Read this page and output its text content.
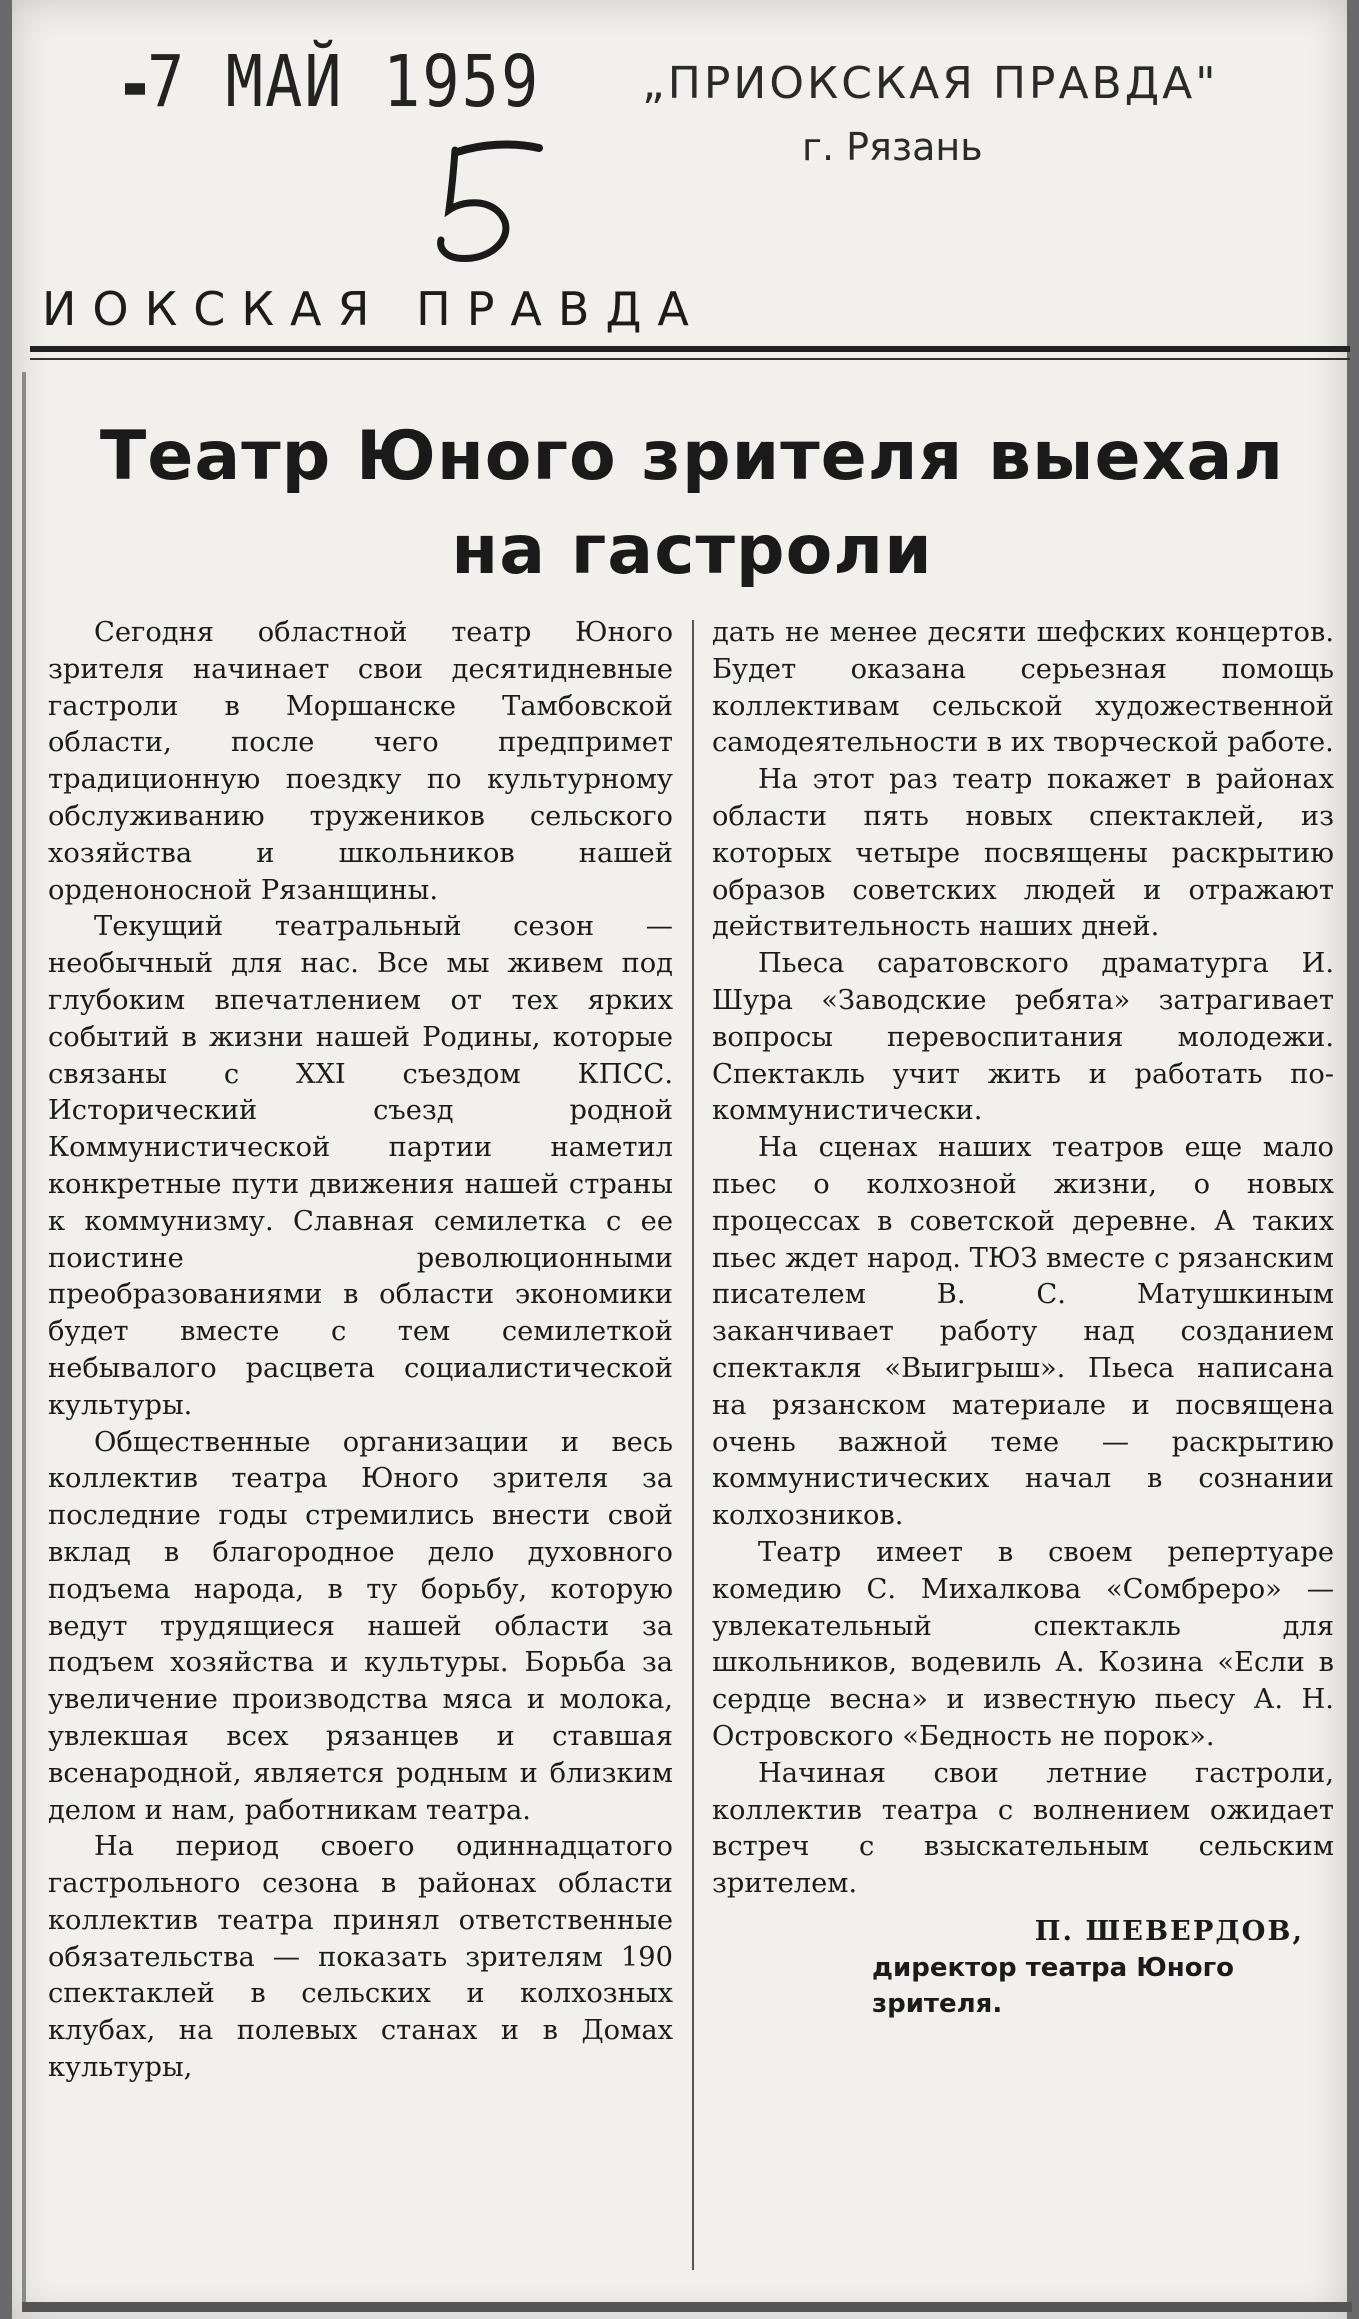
7 МАЙ 1959 „ПРИОКСКАЯ ПРАВДА"
г. Рязань
ИОКСКАЯ ПРАВДА
Театр Юного зрителя выехал
на гастроли

Сегодня областной театр Юного зрителя начинает свои десятидневные гастроли в Моршанске Тамбовской области, после чего предпримет традиционную поездку по культурному обслуживанию тружеников сельского хозяйства и школьников нашей орденоносной Рязанщины.

Текущий театральный сезон — необычный для нас. Все мы живем под глубоким впечатлением от тех ярких событий в жизни нашей Родины, которые связаны с XXI съездом КПСС. Исторический съезд родной Коммунистической партии наметил конкретные пути движения нашей страны к коммунизму. Славная семилетка с ее поистине революционными преобразованиями в области экономики будет вместе с тем семилеткой небывалого расцвета социалистической культуры.

Общественные организации и весь коллектив театра Юного зрителя за последние годы стремились внести свой вклад в благородное дело духовного подъема народа, в ту борьбу, которую ведут трудящиеся нашей области за подъем хозяйства и культуры. Борьба за увеличение производства мяса и молока, увлекшая всех рязанцев и ставшая всенародной, является родным и близким делом и нам, работникам театра.

На период своего одиннадцатого гастрольного сезона в районах области коллектив театра принял ответственные обязательства — показать зрителям 190 спектаклей в сельских и колхозных клубах, на полевых станах и в Домах культуры,

дать не менее десяти шефских концертов. Будет оказана серьезная помощь коллективам сельской художественной самодеятельности в их творческой работе.

На этот раз театр покажет в районах области пять новых спектаклей, из которых четыре посвящены раскрытию образов советских людей и отражают действительность наших дней.

Пьеса саратовского драматурга И. Шура «Заводские ребята» затрагивает вопросы перевоспитания молодежи. Спектакль учит жить и работать по-коммунистически.

На сценах наших театров еще мало пьес о колхозной жизни, о новых процессах в советской деревне. А таких пьес ждет народ. ТЮЗ вместе с рязанским писателем В. С. Матушкиным заканчивает работу над созданием спектакля «Выигрыш». Пьеса написана на рязанском материале и посвящена очень важной теме — раскрытию коммунистических начал в сознании колхозников.

Театр имеет в своем репертуаре комедию С. Михалкова «Сомбреро» — увлекательный спектакль для школьников, водевиль А. Козина «Если в сердце весна» и известную пьесу А. Н. Островского «Бедность не порок».

Начиная свои летние гастроли, коллектив театра с волнением ожидает встреч с взыскательным сельским зрителем.

П. ШЕВЕРДОВ,
директор театра Юного зрителя.
